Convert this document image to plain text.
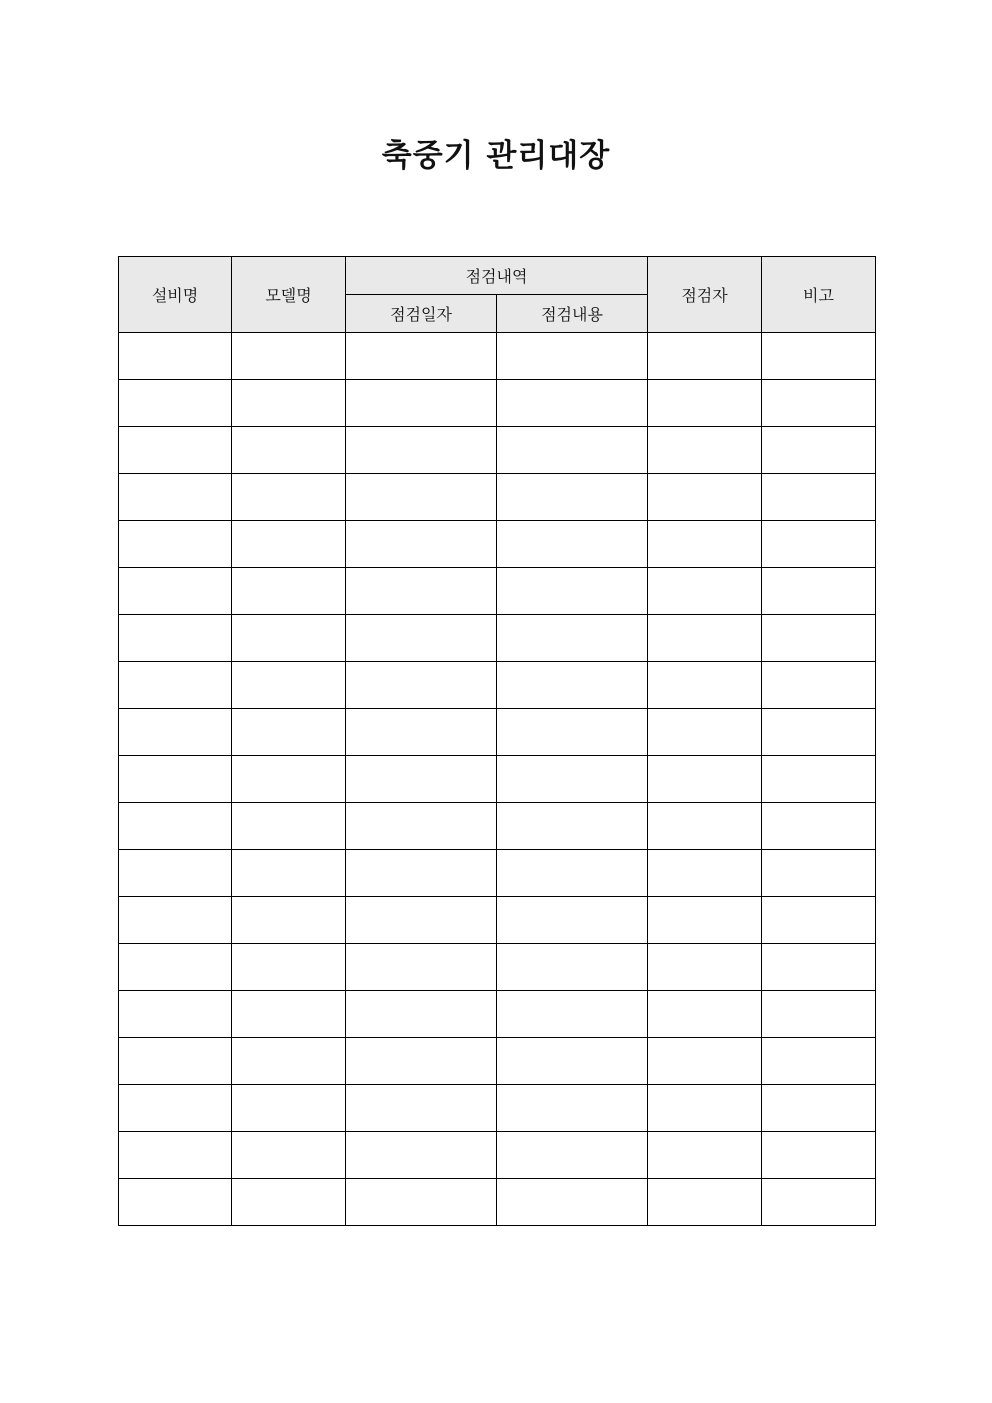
축중기 관리대장
설비명	모델명	점검내역		점검자	비고
		점검일자	점검내용		
